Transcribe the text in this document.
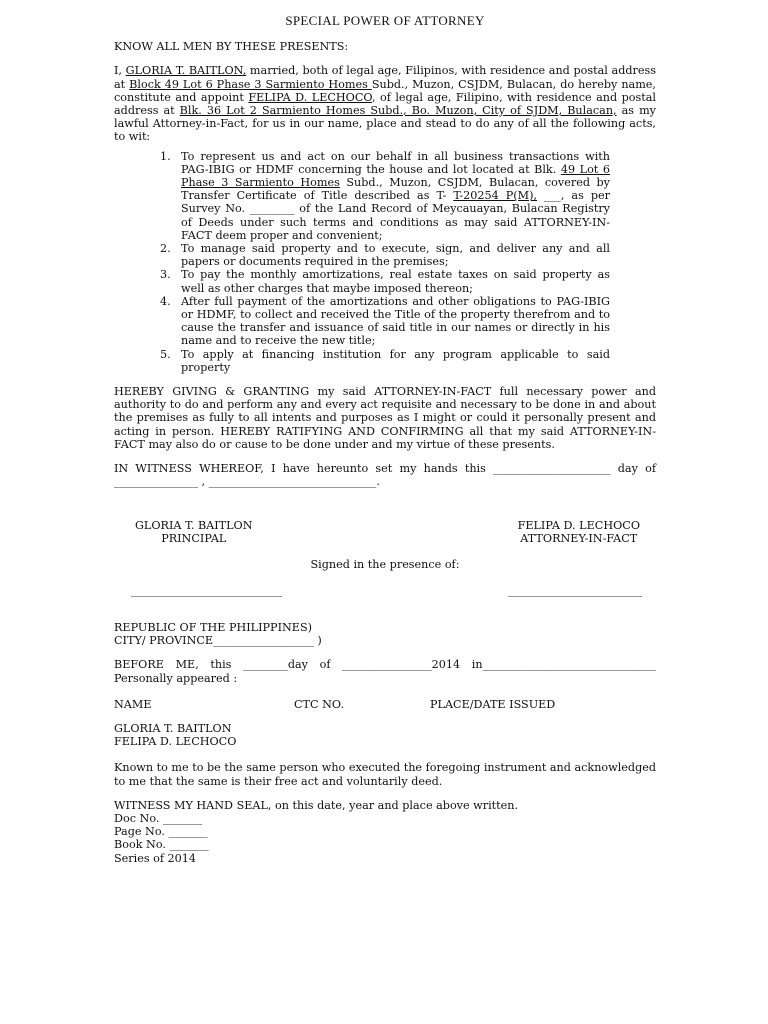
SPECIAL POWER OF ATTORNEY

KNOW ALL MEN BY THESE PRESENTS:

I, GLORIA T. BAITLON, married, both of legal age, Filipinos, with residence and postal address at Block 49 Lot 6 Phase 3 Sarmiento Homes Subd., Muzon, CSJDM, Bulacan, do hereby name, constitute and appoint FELIPA D. LECHOCO, of legal age, Filipino, with residence and postal address at Blk. 36 Lot 2 Sarmiento Homes Subd., Bo. Muzon, City of SJDM, Bulacan, as my lawful Attorney-in-Fact, for us in our name, place and stead to do any of all the following acts, to wit:

1. To represent us and act on our behalf in all business transactions with PAG-IBIG or HDMF concerning the house and lot located at Blk. 49 Lot 6 Phase 3 Sarmiento Homes Subd., Muzon, CSJDM, Bulacan, covered by Transfer Certificate of Title described as T- T-20254 P(M), ___, as per Survey No. ________ of the Land Record of Meycauayan, Bulacan Registry of Deeds under such terms and conditions as may said ATTORNEY-IN-FACT deem proper and convenient;
2. To manage said property and to execute, sign, and deliver any and all papers or documents required in the premises;
3. To pay the monthly amortizations, real estate taxes on said property as well as other charges that maybe imposed thereon;
4. After full payment of the amortizations and other obligations to PAG-IBIG or HDMF, to collect and received the Title of the property therefrom and to cause the transfer and issuance of said title in our names or directly in his name and to receive the new title;
5. To apply at financing institution for any program applicable to said property

HEREBY GIVING & GRANTING my said ATTORNEY-IN-FACT full necessary power and authority to do and perform any and every act requisite and necessary to be done in and about the premises as fully to all intents and purposes as I might or could it personally present and acting in person. HEREBY RATIFYING AND CONFIRMING all that my said ATTORNEY-IN-FACT may also do or cause to be done under and my virtue of these presents.

IN WITNESS WHEREOF, I have hereunto set my hands this _____________________ day of _______________ , ______________________________.

GLORIA T. BAITLON
PRINCIPAL
FELIPA D. LECHOCO
ATTORNEY-IN-FACT

Signed in the presence of:

___________________________	________________________

REPUBLIC OF THE PHILIPPINES)

CITY/ PROVINCE__________________ )

BEFORE ME, this ________day of ________________2014 in_______________________________ Personally appeared :

NAME	CTC NO.	PLACE/DATE ISSUED

GLORIA T. BAITLON

FELIPA D. LECHOCO

Known to me to be the same person who executed the foregoing instrument and acknowledged to me that the same is their free act and voluntarily deed.

WITNESS MY HAND SEAL, on this date, year and place above written.

Doc No. _______

Page No. _______

Book No. _______

Series of 2014
